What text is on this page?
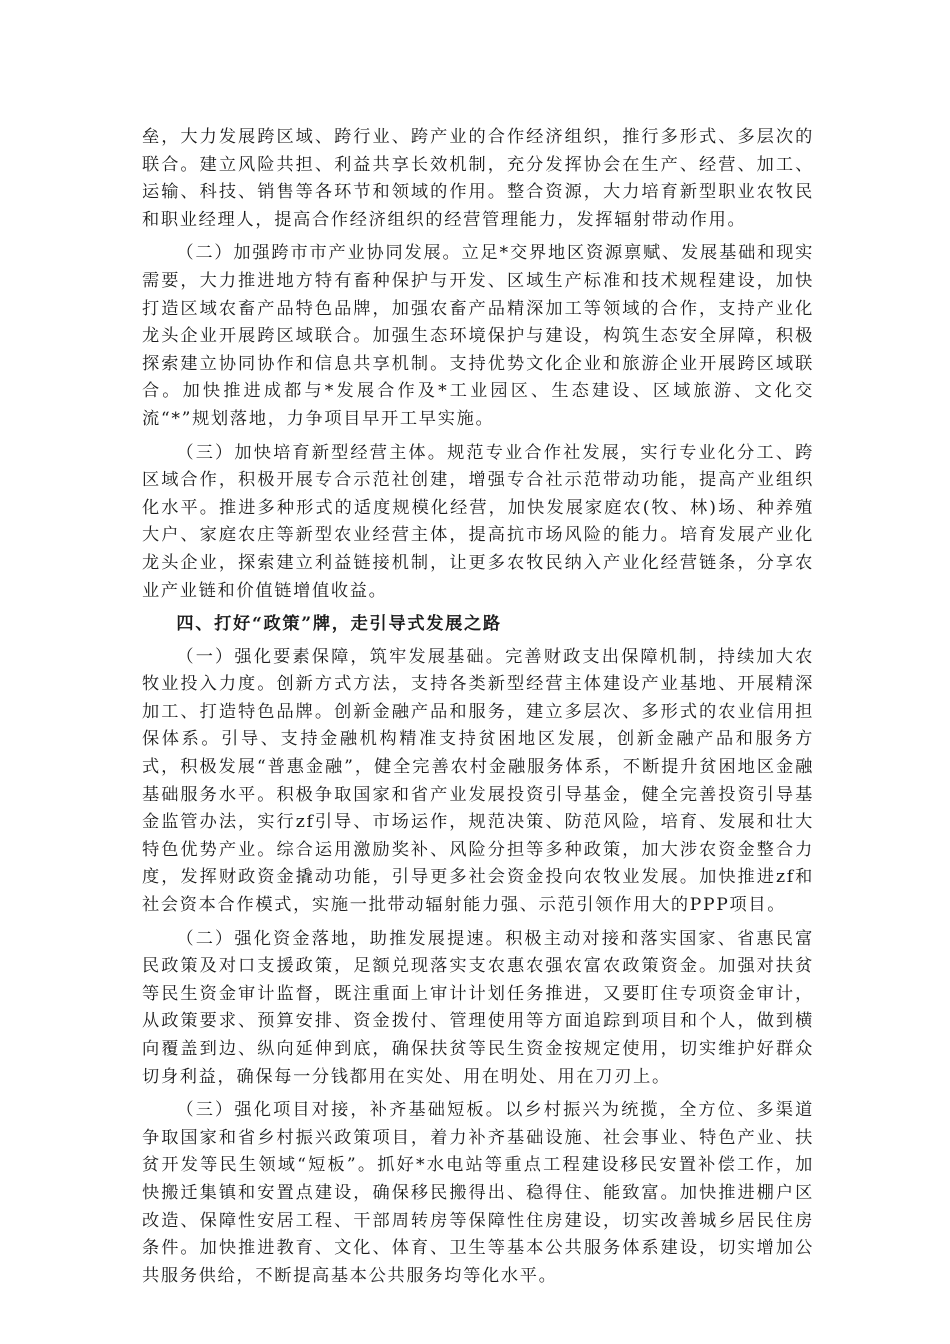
垒，大力发展跨区域、跨行业、跨产业的合作经济组织，推行多形式、多层次的联合。建立风险共担、利益共享长效机制，充分发挥协会在生产、经营、加工、运输、科技、销售等各环节和领域的作用。整合资源，大力培育新型职业农牧民和职业经理人，提高合作经济组织的经营管理能力，发挥辐射带动作用。

（二）加强跨市市产业协同发展。立足*交界地区资源禀赋、发展基础和现实需要，大力推进地方特有畜种保护与开发、区域生产标准和技术规程建设，加快打造区域农畜产品特色品牌，加强农畜产品精深加工等领域的合作，支持产业化龙头企业开展跨区域联合。加强生态环境保护与建设，构筑生态安全屏障，积极探索建立协同协作和信息共享机制。支持优势文化企业和旅游企业开展跨区域联合。加快推进成都与*发展合作及*工业园区、生态建设、区域旅游、文化交流“*”规划落地，力争项目早开工早实施。

（三）加快培育新型经营主体。规范专业合作社发展，实行专业化分工、跨区域合作，积极开展专合示范社创建，增强专合社示范带动功能，提高产业组织化水平。推进多种形式的适度规模化经营，加快发展家庭农(牧、林)场、种养殖大户、家庭农庄等新型农业经营主体，提高抗市场风险的能力。培育发展产业化龙头企业，探索建立利益链接机制，让更多农牧民纳入产业化经营链条，分享农业产业链和价值链增值收益。

四、打好“政策”牌，走引导式发展之路

（一）强化要素保障，筑牢发展基础。完善财政支出保障机制，持续加大农牧业投入力度。创新方式方法，支持各类新型经营主体建设产业基地、开展精深加工、打造特色品牌。创新金融产品和服务，建立多层次、多形式的农业信用担保体系。引导、支持金融机构精准支持贫困地区发展，创新金融产品和服务方式，积极发展“普惠金融”，健全完善农村金融服务体系，不断提升贫困地区金融基础服务水平。积极争取国家和省产业发展投资引导基金，健全完善投资引导基金监管办法，实行zf引导、市场运作，规范决策、防范风险，培育、发展和壮大特色优势产业。综合运用激励奖补、风险分担等多种政策，加大涉农资金整合力度，发挥财政资金撬动功能，引导更多社会资金投向农牧业发展。加快推进zf和社会资本合作模式，实施一批带动辐射能力强、示范引领作用大的PPP项目。

（二）强化资金落地，助推发展提速。积极主动对接和落实国家、省惠民富民政策及对口支援政策，足额兑现落实支农惠农强农富农政策资金。加强对扶贫等民生资金审计监督，既注重面上审计计划任务推进，又要盯住专项资金审计，从政策要求、预算安排、资金拨付、管理使用等方面追踪到项目和个人，做到横向覆盖到边、纵向延伸到底，确保扶贫等民生资金按规定使用，切实维护好群众切身利益，确保每一分钱都用在实处、用在明处、用在刀刃上。

（三）强化项目对接，补齐基础短板。以乡村振兴为统揽，全方位、多渠道争取国家和省乡村振兴政策项目，着力补齐基础设施、社会事业、特色产业、扶贫开发等民生领域“短板”。抓好*水电站等重点工程建设移民安置补偿工作，加快搬迁集镇和安置点建设，确保移民搬得出、稳得住、能致富。加快推进棚户区改造、保障性安居工程、干部周转房等保障性住房建设，切实改善城乡居民住房条件。加快推进教育、文化、体育、卫生等基本公共服务体系建设，切实增加公共服务供给，不断提高基本公共服务均等化水平。
